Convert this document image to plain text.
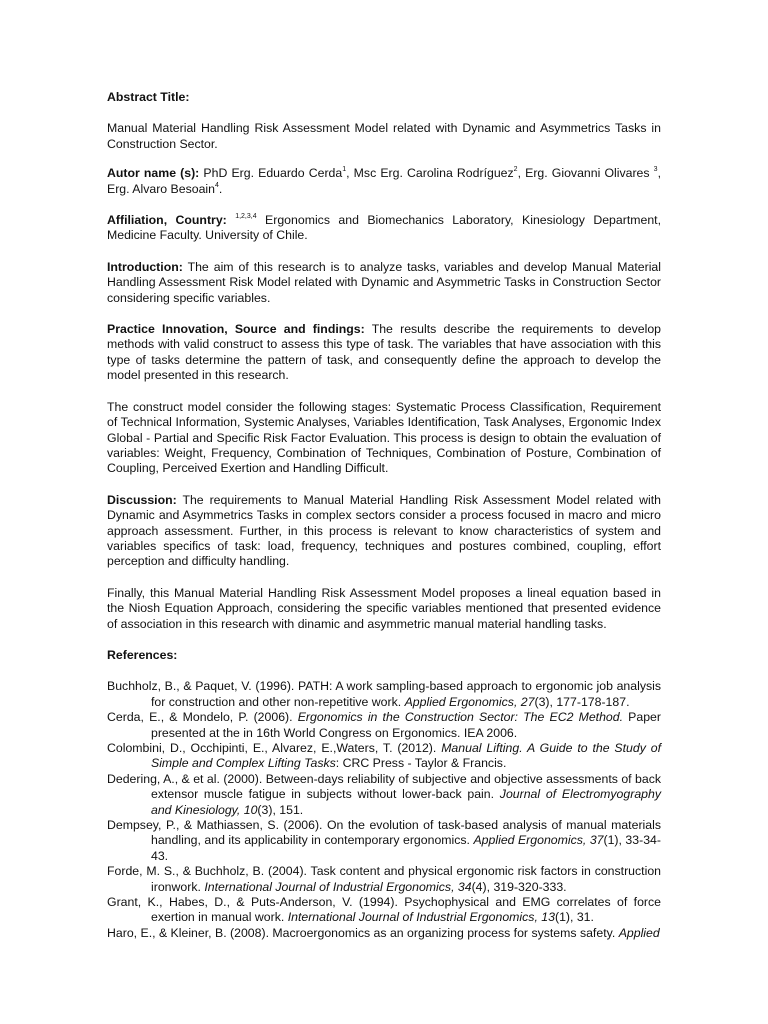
Abstract Title:

Manual Material Handling Risk Assessment Model related with Dynamic and Asymmetrics Tasks in Construction Sector.

Autor name (s): PhD Erg. Eduardo Cerda$^1$, Msc Erg. Carolina Rodríguez$^2$, Erg. Giovanni Olivares $^3$, Erg. Alvaro Besoain$^4$.

Affiliation, Country: $^{1,2,3,4}$ Ergonomics and Biomechanics Laboratory, Kinesiology Department, Medicine Faculty. University of Chile.

Introduction: The aim of this research is to analyze tasks, variables and develop Manual Material Handling Assessment Risk Model related with Dynamic and Asymmetric Tasks in Construction Sector considering specific variables.

Practice Innovation, Source and findings: The results describe the requirements to develop methods with valid construct to assess this type of task. The variables that have association with this type of tasks determine the pattern of task, and consequently define the approach to develop the model presented in this research.

The construct model consider the following stages: Systematic Process Classification, Requirement of Technical Information, Systemic Analyses, Variables Identification, Task Analyses, Ergonomic Index Global - Partial and Specific Risk Factor Evaluation. This process is design to obtain the evaluation of variables: Weight, Frequency, Combination of Techniques, Combination of Posture, Combination of Coupling, Perceived Exertion and Handling Difficult.

Discussion: The requirements to Manual Material Handling Risk Assessment Model related with Dynamic and Asymmetrics Tasks in complex sectors consider a process focused in macro and micro approach assessment. Further, in this process is relevant to know characteristics of system and variables specifics of task: load, frequency, techniques and postures combined, coupling, effort perception and difficulty handling.

Finally, this Manual Material Handling Risk Assessment Model proposes a lineal equation based in the Niosh Equation Approach, considering the specific variables mentioned that presented evidence of association in this research with dinamic and asymmetric manual material handling tasks.

References:

Buchholz, B., & Paquet, V. (1996). PATH: A work sampling-based approach to ergonomic job analysis for construction and other non-repetitive work. Applied Ergonomics, 27(3), 177-178-187.
Cerda, E., & Mondelo, P. (2006). Ergonomics in the Construction Sector: The EC2 Method. Paper presented at the in 16th World Congress on Ergonomics. IEA 2006.
Colombini, D., Occhipinti, E., Alvarez, E.,Waters, T. (2012). Manual Lifting. A Guide to the Study of Simple and Complex Lifting Tasks: CRC Press - Taylor & Francis.
Dedering, A., & et al. (2000). Between-days reliability of subjective and objective assessments of back extensor muscle fatigue in subjects without lower-back pain. Journal of Electromyography and Kinesiology, 10(3), 151.
Dempsey, P., & Mathiassen, S. (2006). On the evolution of task-based analysis of manual materials handling, and its applicability in contemporary ergonomics. Applied Ergonomics, 37(1), 33-34-43.
Forde, M. S., & Buchholz, B. (2004). Task content and physical ergonomic risk factors in construction ironwork. International Journal of Industrial Ergonomics, 34(4), 319-320-333.
Grant, K., Habes, D., & Puts-Anderson, V. (1994). Psychophysical and EMG correlates of force exertion in manual work. International Journal of Industrial Ergonomics, 13(1), 31.
Haro, E., & Kleiner, B. (2008). Macroergonomics as an organizing process for systems safety. Applied
